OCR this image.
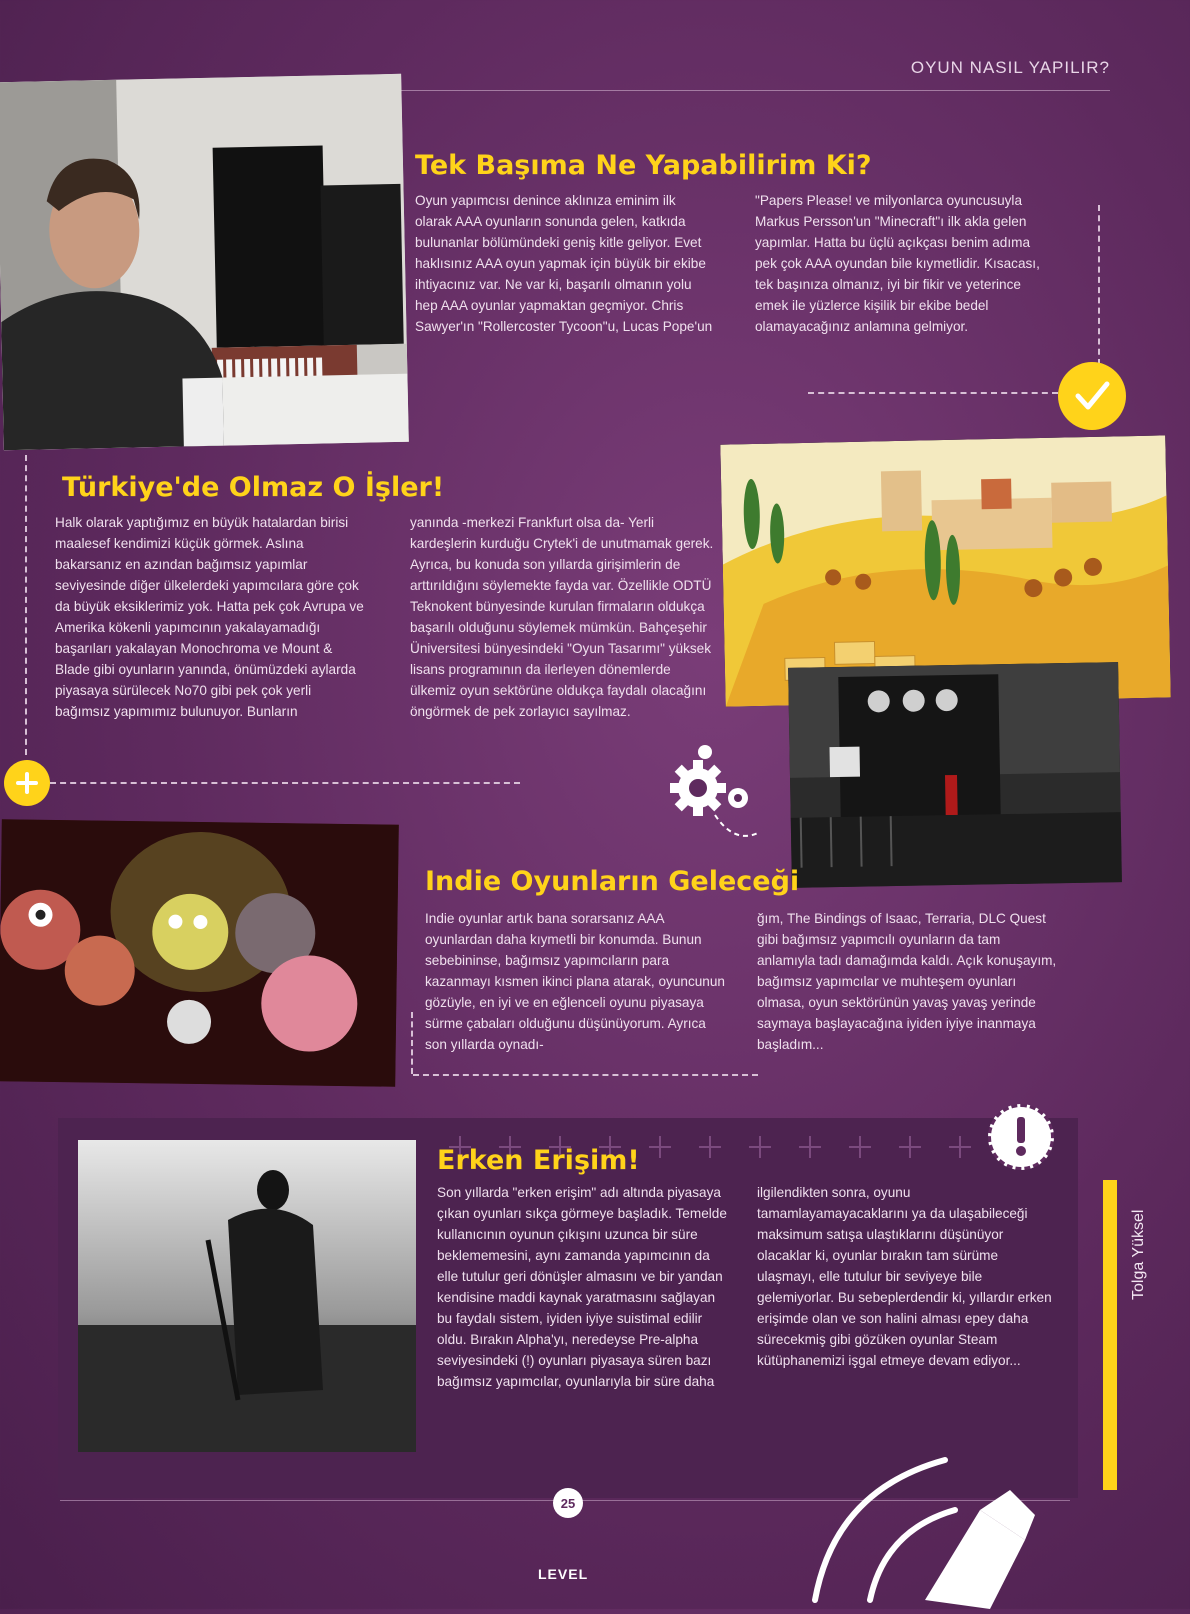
OYUN NASIL YAPILIR?
Tek Başıma Ne Yapabilirim Ki?

Oyun yapımcısı denince aklınıza eminim ilk olarak AAA oyunların sonunda gelen, katkıda bulunanlar bölümündeki geniş kitle geliyor. Evet haklısınız AAA oyun yapmak için büyük bir ekibe ihtiyacınız var. Ne var ki, başarılı olmanın yolu hep AAA oyunlar yapmaktan geçmiyor. Chris Sawyer'ın "Rollercoster Tycoon"u, Lucas Pope'un

"Papers Please! ve milyonlarca oyuncusuyla Markus Persson'un "Minecraft"ı ilk akla gelen yapımlar. Hatta bu üçlü açıkçası benim adıma pek çok AAA oyundan bile kıymetlidir. Kısacası, tek başınıza olmanız, iyi bir fikir ve yeterince emek ile yüzlerce kişilik bir ekibe bedel olamayacağınız anlamına gelmiyor.

Türkiye'de Olmaz O İşler!

Halk olarak yaptığımız en büyük hatalardan birisi maalesef kendimizi küçük görmek. Aslına bakarsanız en azından bağımsız yapımlar seviyesinde diğer ülkelerdeki yapımcılara göre çok da büyük eksiklerimiz yok. Hatta pek çok Avrupa ve Amerika kökenli yapımcının yakalayamadığı başarıları yakalayan Monochroma ve Mount & Blade gibi oyunların yanında, önümüzdeki aylarda piyasaya sürülecek No70 gibi pek çok yerli bağımsız yapımımız bulunuyor. Bunların

yanında -merkezi Frankfurt olsa da- Yerli kardeşlerin kurduğu Crytek'i de unutmamak gerek. Ayrıca, bu konuda son yıllarda girişimlerin de arttırıldığını söylemekte fayda var. Özellikle ODTÜ Teknokent bünyesinde kurulan firmaların oldukça başarılı olduğunu söylemek mümkün. Bahçeşehir Üniversitesi bünyesindeki "Oyun Tasarımı" yüksek lisans programının da ilerleyen dönemlerde ülkemiz oyun sektörüne oldukça faydalı olacağını öngörmek de pek zorlayıcı sayılmaz.

Indie Oyunların Geleceği

Indie oyunlar artık bana sorarsanız AAA oyunlardan daha kıymetli bir konumda. Bunun sebebininse, bağımsız yapımcıların para kazanmayı kısmen ikinci plana atarak, oyuncunun gözüyle, en iyi ve en eğlenceli oyunu piyasaya sürme çabaları olduğunu düşünüyorum. Ayrıca son yıllarda oynadı-

ğım, The Bindings of Isaac, Terraria, DLC Quest gibi bağımsız yapımcılı oyunların da tam anlamıyla tadı damağımda kaldı. Açık konuşayım, bağımsız yapımcılar ve muhteşem oyunları olmasa, oyun sektörünün yavaş yavaş yerinde saymaya başlayacağına iyiden iyiye inanmaya başladım...

Erken Erişim!

Son yıllarda "erken erişim" adı altında piyasaya çıkan oyunları sıkça görmeye başladık. Temelde kullanıcının oyunun çıkışını uzunca bir süre beklememesini, aynı zamanda yapımcının da elle tutulur geri dönüşler almasını ve bir yandan kendisine maddi kaynak yaratmasını sağlayan bu faydalı sistem, iyiden iyiye suistimal edilir oldu. Bırakın Alpha'yı, neredeyse Pre-alpha seviyesindeki (!) oyunları piyasaya süren bazı bağımsız yapımcılar, oyunlarıyla bir süre daha

ilgilendikten sonra, oyunu tamamlayamayacaklarını ya da ulaşabileceği maksimum satışa ulaştıklarını düşünüyor olacaklar ki, oyunlar bırakın tam sürüme ulaşmayı, elle tutulur bir seviyeye bile gelemiyorlar. Bu sebeplerdendir ki, yıllardır erken erişimde olan ve son halini alması epey daha sürecekmiş gibi gözüken oyunlar Steam kütüphanemizi işgal etmeye devam ediyor...

Tolga Yüksel
25
LEVEL
